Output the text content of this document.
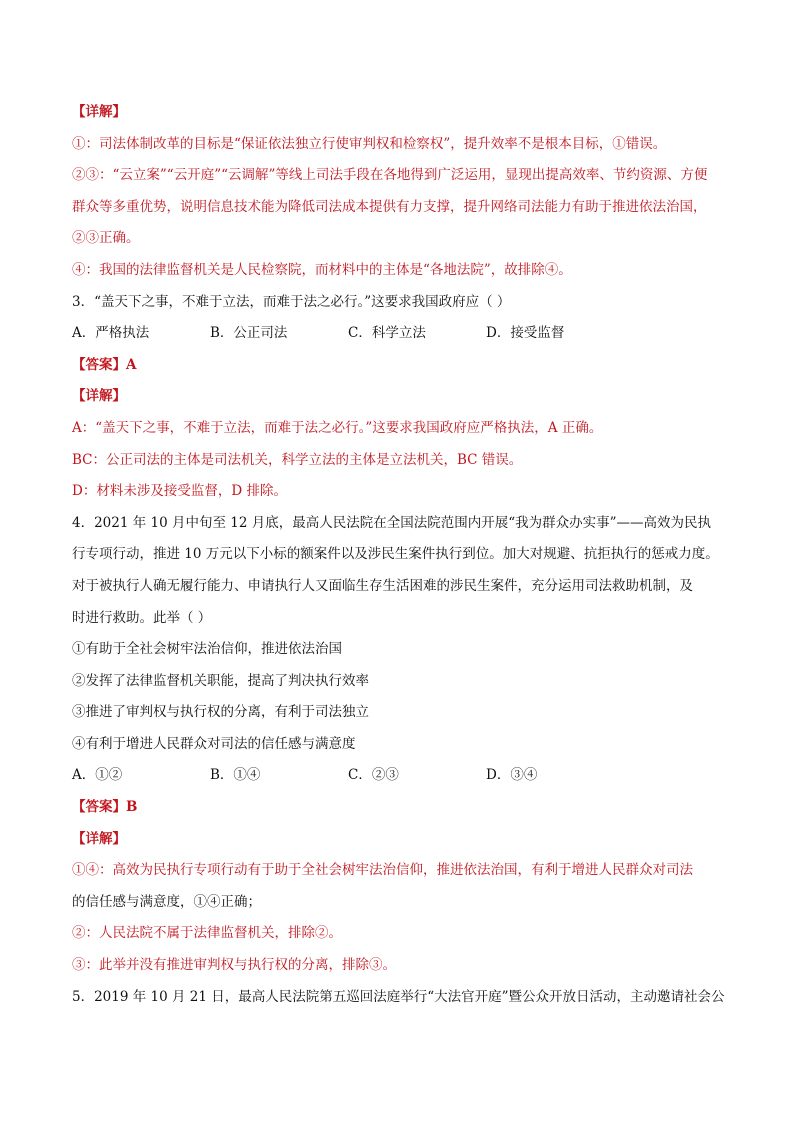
【详解】
①：司法体制改革的目标是“保证依法独立行使审判权和检察权”，提升效率不是根本目标，①错误。
②③：“云立案”“云开庭”“云调解”等线上司法手段在各地得到广泛运用，显现出提高效率、节约资源、方便
群众等多重优势，说明信息技术能为降低司法成本提供有力支撑，提升网络司法能力有助于推进依法治国，
②③正确。
④：我国的法律监督机关是人民检察院，而材料中的主体是“各地法院”，故排除④。
3．“盖天下之事，不难于立法，而难于法之必行。”这要求我国政府应（ ）
A．严格执法	B．公正司法	C．科学立法	D．接受监督
【答案】A
【详解】
A：“盖天下之事，不难于立法，而难于法之必行。”这要求我国政府应严格执法，A 正确。
BC：公正司法的主体是司法机关，科学立法的主体是立法机关，BC 错误。
D：材料未涉及接受监督，D 排除。
4．2021 年 10 月中旬至 12 月底，最高人民法院在全国法院范围内开展“我为群众办实事”——高效为民执
行专项行动，推进 10 万元以下小标的额案件以及涉民生案件执行到位。加大对规避、抗拒执行的惩戒力度。
对于被执行人确无履行能力、申请执行人又面临生存生活困难的涉民生案件，充分运用司法救助机制，及
时进行救助。此举（ ）
①有助于全社会树牢法治信仰，推进依法治国
②发挥了法律监督机关职能，提高了判决执行效率
③推进了审判权与执行权的分离，有利于司法独立
④有利于增进人民群众对司法的信任感与满意度
A．①②	B．①④	C．②③	D．③④
【答案】B
【详解】
①④：高效为民执行专项行动有于助于全社会树牢法治信仰，推进依法治国，有利于增进人民群众对司法
的信任感与满意度，①④正确；
②：人民法院不属于法律监督机关，排除②。
③：此举并没有推进审判权与执行权的分离，排除③。
5．2019 年 10 月 21 日，最高人民法院第五巡回法庭举行“大法官开庭”暨公众开放日活动，主动邀请社会公
